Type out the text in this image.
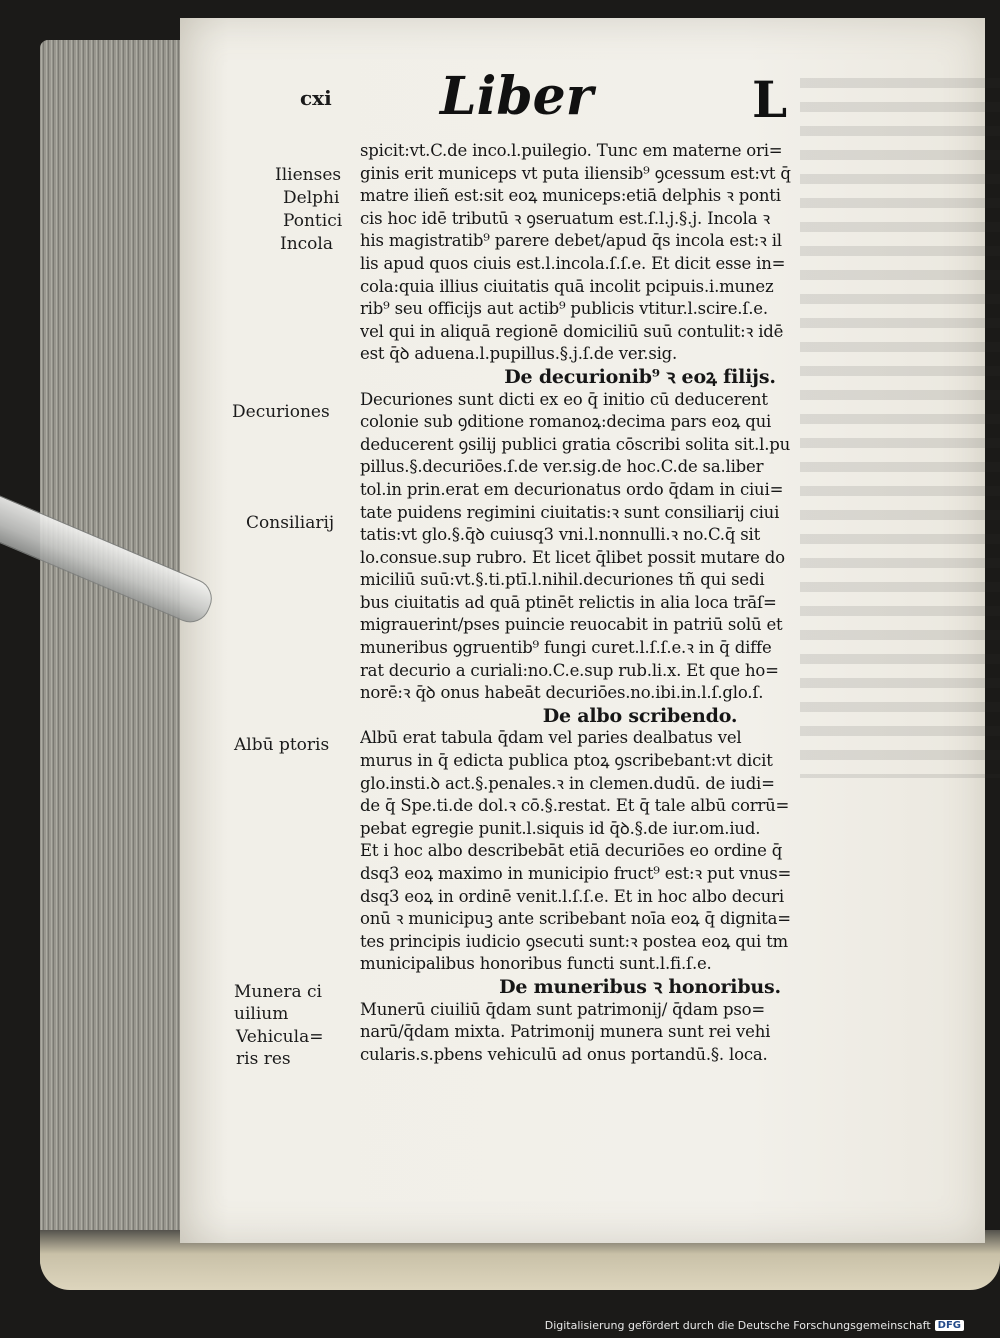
cxi Liber	L
Ilienses
Delphi
Pontici
Incola
Decuriones
Consiliarij
Albū ptoris
Munera ci
uilium
Vehicula=
ris res
spicit:vt.C.de inco.l.puilegio. Tunc em materne ori=
ginis erit municeps vt puta iliensib⁹ ꝯcessum est:vt q̄
matre ilieñ est:sit eoꝝ municeps:etiā delphis ꝛ ponti
cis hoc idē tributū ꝛ ꝯseruatum est.ſ.l.j.§.j. Incola ꝛ
his magistratib⁹ parere debet/apud q̄s incola est:ꝛ il
lis apud quos ciuis est.l.incola.ſ.ſ.e. Et dicit esse in=
cola:quia illius ciuitatis quā incolit pcipuis.i.munez
rib⁹ seu officijs aut actib⁹ publicis vtitur.l.scire.ſ.e.
vel qui in aliquā regionē domiciliū suū contulit:ꝛ idē
est q̄ꝺ aduena.l.pupillus.§.j.ſ.de ver.sig.
De decurionib⁹ ꝛ eoꝝ filijs.
Decuriones sunt dicti ex eo q̄ initio cū deducerent
colonie sub ꝯditione romanoꝝ:decima pars eoꝝ qui
deducerent ꝯsilij publici gratia cōscribi solita sit.l.pu
pillus.§.decuriōes.ſ.de ver.sig.de hoc.C.de sa.liber
tol.in prin.erat em decurionatus ordo q̄dam in ciui=
tate puidens regimini ciuitatis:ꝛ sunt consiliarij ciui
tatis:vt glo.§.q̄ꝺ cuiusq3 vni.l.nonnulli.ꝛ no.C.q̄ sit
lo.consue.sup rubro. Et licet q̄libet possit mutare do
miciliū suū:vt.§.ti.ptī.l.nihil.decuriones tñ qui sedi
bus ciuitatis ad quā ptinēt relictis in alia loca trāſ=
migrauerint/pses puincie reuocabit in patriū solū et
muneribus ꝯgruentib⁹ fungi curet.l.ſ.ſ.e.ꝛ in q̄ diffe
rat decurio a curiali:no.C.e.sup rub.li.x. Et que ho=
norē:ꝛ q̄ꝺ onus habeāt decuriōes.no.ibi.in.l.ſ.glo.ſ.
De albo scribendo.
Albū erat tabula q̄dam vel paries dealbatus vel
murus in q̄ edicta publica ptoꝝ ꝯscribebant:vt dicit
glo.insti.ꝺ act.§.penales.ꝛ in clemen.dudū. de iudi=
de q̄ Spe.ti.de dol.ꝛ cō.§.restat. Et q̄ tale albū corrū=
pebat egregie punit.l.siquis id q̄ꝺ.§.de iur.om.iud.
Et i hoc albo describebāt etiā decuriōes eo ordine q̄
dsq3 eoꝝ maximo in municipio fruct⁹ est:ꝛ put vnus=
dsq3 eoꝝ in ordinē venit.l.ſ.ſ.e. Et in hoc albo decuri
onū ꝛ municipuꝫ ante scribebant noīa eoꝝ q̄ dignita=
tes principis iudicio ꝯsecuti sunt:ꝛ postea eoꝝ qui tm
municipalibus honoribus functi sunt.l.fi.ſ.e.
De muneribus ꝛ honoribus.
Munerū ciuiliū q̄dam sunt patrimonij/ q̄dam pso=
narū/q̄dam mixta. Patrimonij munera sunt rei vehi
cularis.s.pbens vehiculū ad onus portandū.§. loca.
Digitalisierung gefördert durch die Deutsche Forschungsgemeinschaft DFG
